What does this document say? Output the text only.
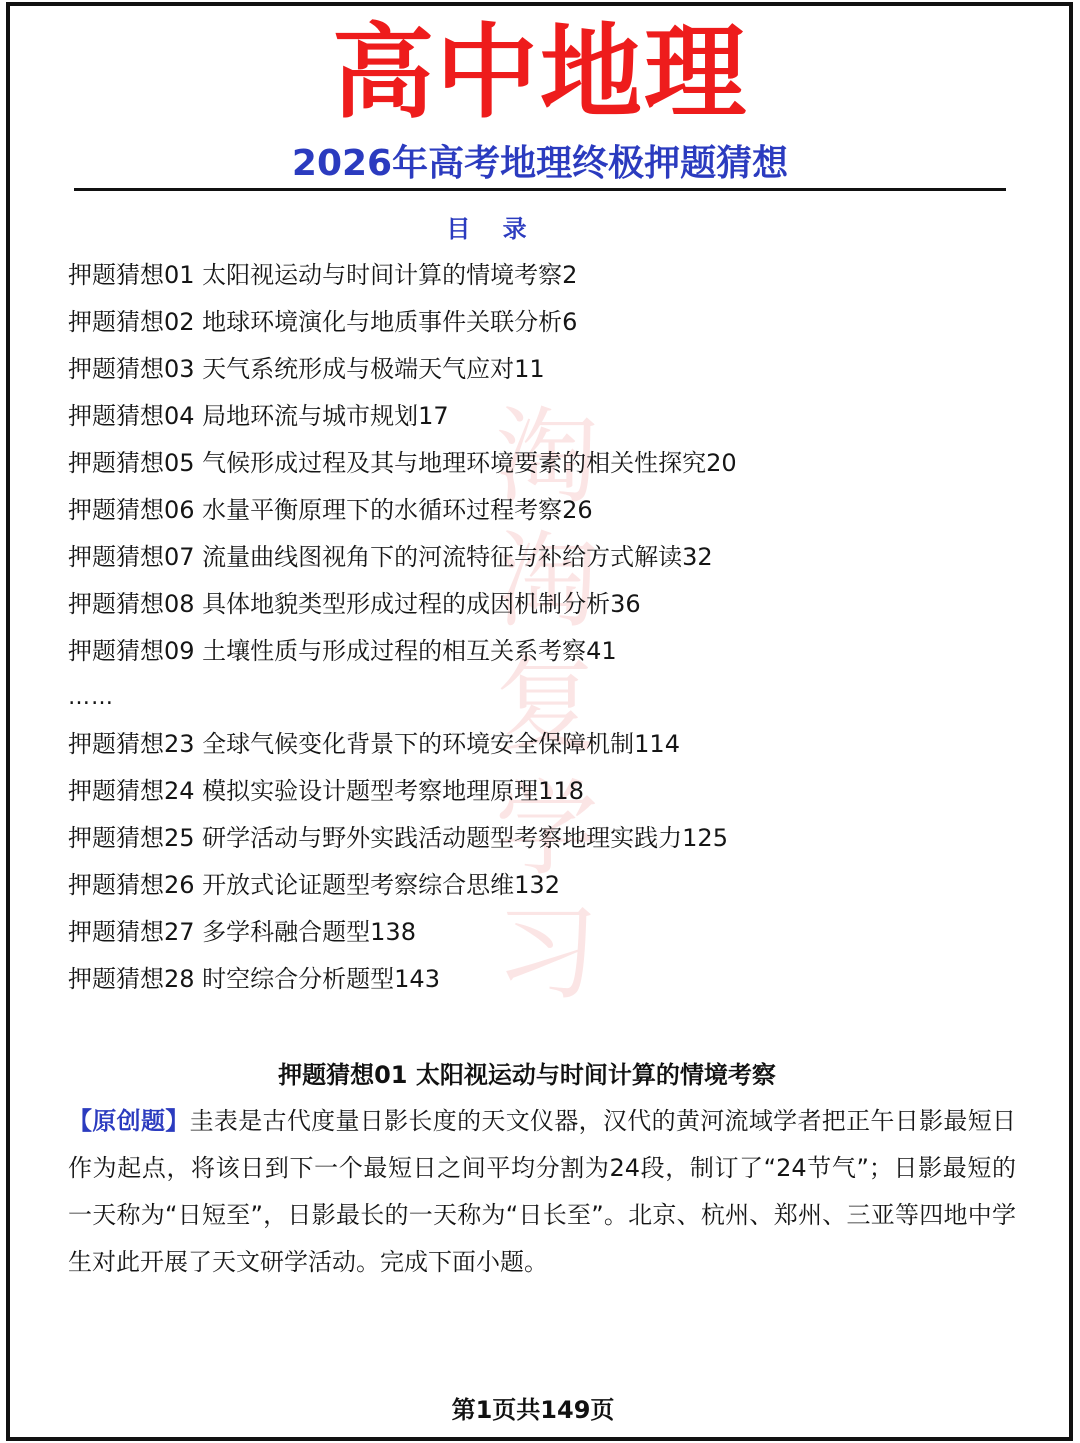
淘
淘
复
学
习
高中地理
2026年高考地理终极押题猜想
目 录
押题猜想01 太阳视运动与时间计算的情境考察2
押题猜想02 地球环境演化与地质事件关联分析6
押题猜想03 天气系统形成与极端天气应对11
押题猜想04 局地环流与城市规划17
押题猜想05 气候形成过程及其与地理环境要素的相关性探究20
押题猜想06 水量平衡原理下的水循环过程考察26
押题猜想07 流量曲线图视角下的河流特征与补给方式解读32
押题猜想08 具体地貌类型形成过程的成因机制分析36
押题猜想09 土壤性质与形成过程的相互关系考察41
……
押题猜想23 全球气候变化背景下的环境安全保障机制114
押题猜想24 模拟实验设计题型考察地理原理118
押题猜想25 研学活动与野外实践活动题型考察地理实践力125
押题猜想26 开放式论证题型考察综合思维132
押题猜想27 多学科融合题型138
押题猜想28 时空综合分析题型143
押题猜想01 太阳视运动与时间计算的情境考察
【原创题】圭表是古代度量日影长度的天文仪器，汉代的黄河流域学者把正午日影最短日作为起点，将该日到下一个最短日之间平均分割为24段，制订了“24节气”；日影最短的一天称为“日短至”，日影最长的一天称为“日长至”。北京、杭州、郑州、三亚等四地中学生对此开展了天文研学活动。完成下面小题。
第1页共149页
